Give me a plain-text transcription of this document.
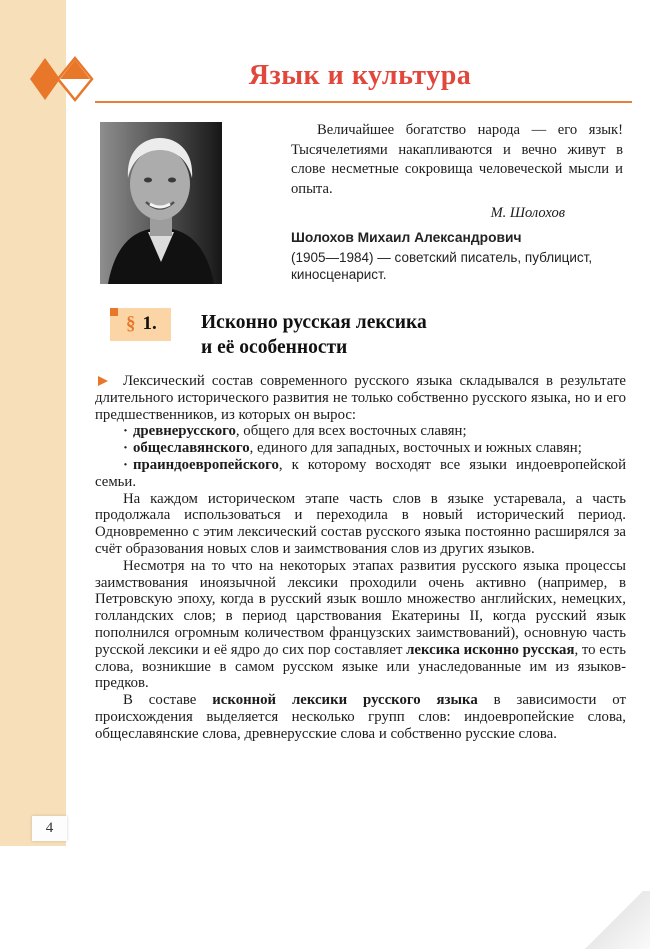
Язык и культура
Величайшее богатство народа — его язык! Тысячелетиями накапливаются и вечно живут в слове несметные сокровища человеческой мысли и опыта.
М. Шолохов
Шолохов Михаил Александрович
(1905—1984) — советский писатель, публицист, киносценарист.
§ 1.	Исконно русская лексика
и её особенности

Лексический состав современного русского языка складывался в результате длительного исторического развития не только собственно русского языка, но и его предшественников, из которых он вырос:

· древнерусского, общего для всех восточных славян;

· общеславянского, единого для западных, восточных и южных славян;

· праиндоевропейского, к которому восходят все языки индоевропейской семьи.

На каждом историческом этапе часть слов в языке устаревала, а часть продолжала использоваться и переходила в новый исторический период. Одновременно с этим лексический состав русского языка постоянно расширялся за счёт образования новых слов и заимствования слов из других языков.

Несмотря на то что на некоторых этапах развития русского языка процессы заимствования иноязычной лексики проходили очень активно (например, в Петровскую эпоху, когда в русский язык вошло множество английских, немецких, голландских слов; в период царствования Екатерины II, когда русский язык пополнился огромным количеством французских заимствований), основную часть русской лексики и её ядро до сих пор составляет лексика исконно русская, то есть слова, возникшие в самом русском языке или унаследованные им из языков-предков.

В составе исконной лексики русского языка в зависимости от происхождения выделяется несколько групп слов: индоевропейские слова, общеславянские слова, древнерусские слова и собственно русские слова.

4
